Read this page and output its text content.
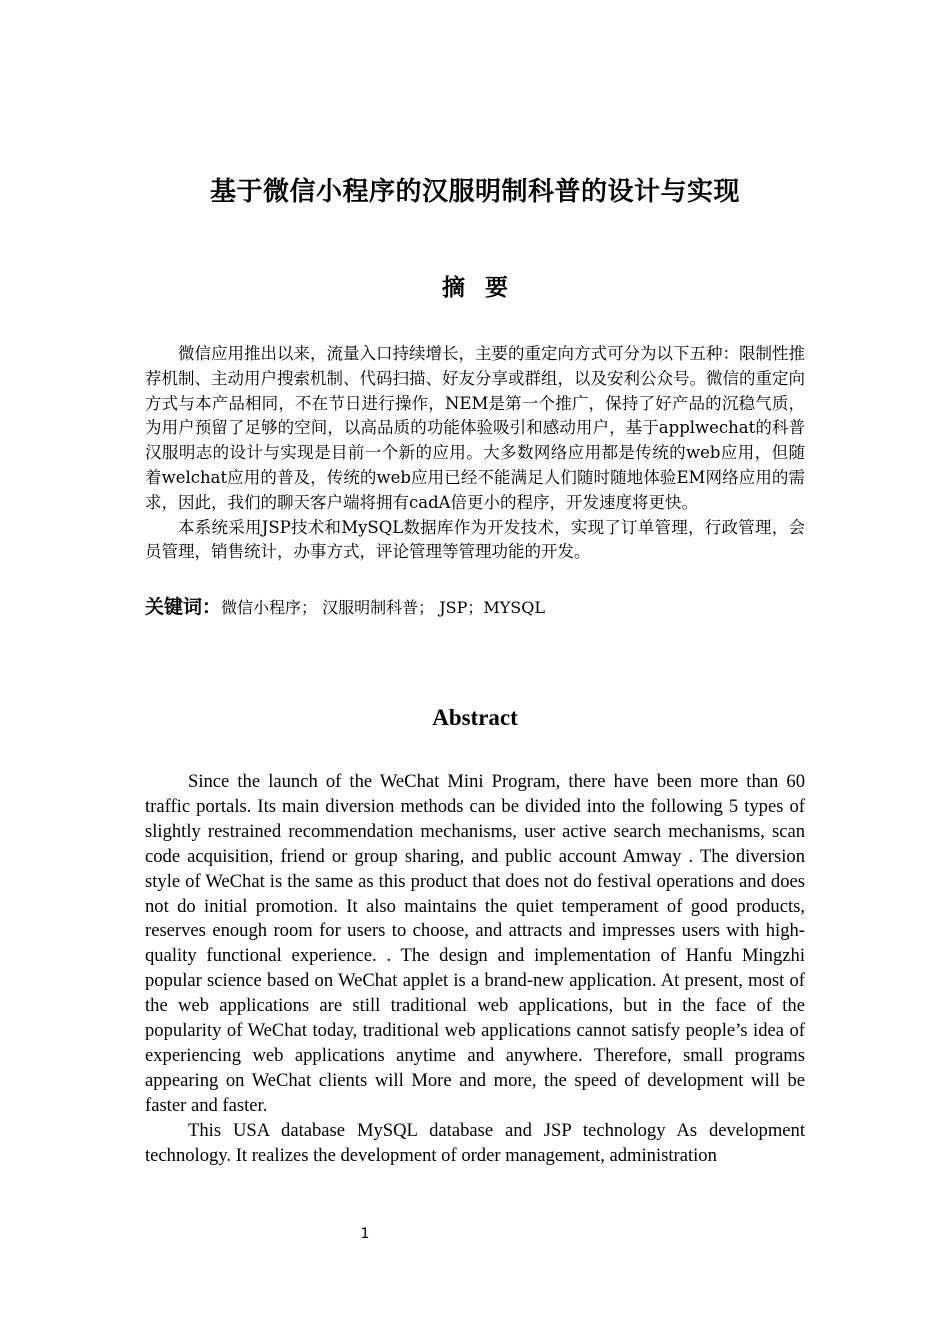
基于微信小程序的汉服明制科普的设计与实现
摘要

微信应用推出以来，流量入口持续增长，主要的重定向方式可分为以下五种：限制性推荐机制、主动用户搜索机制、代码扫描、好友分享或群组，以及安利公众号。微信的重定向方式与本产品相同，不在节日进行操作，NEM是第一个推广，保持了好产品的沉稳气质，为用户预留了足够的空间，以高品质的功能体验吸引和感动用户，基于applwechat的科普汉服明志的设计与实现是目前一个新的应用。大多数网络应用都是传统的web应用，但随着welchat应用的普及，传统的web应用已经不能满足人们随时随地体验EM网络应用的需求，因此，我们的聊天客户端将拥有cadA倍更小的程序，开发速度将更快。

本系统采用JSP技术和MySQL数据库作为开发技术，实现了订单管理，行政管理，会员管理，销售统计，办事方式，评论管理等管理功能的开发。

关键词：微信小程序； 汉服明制科普； JSP；MYSQL
Abstract

Since the launch of the WeChat Mini Program, there have been more than 60 traffic portals. Its main diversion methods can be divided into the following 5 types of slightly restrained recommendation mechanisms, user active search mechanisms, scan code acquisition, friend or group sharing, and public account Amway . The diversion style of WeChat is the same as this product that does not do festival operations and does not do initial promotion. It also maintains the quiet temperament of good products, reserves enough room for users to choose, and attracts and impresses users with high-quality functional experience. . The design and implementation of Hanfu Mingzhi popular science based on WeChat applet is a brand-new application. At present, most of the web applications are still traditional web applications, but in the face of the popularity of WeChat today, traditional web applications cannot satisfy people’s idea of experiencing web applications anytime and anywhere. Therefore, small programs appearing on WeChat clients will More and more, the speed of development will be faster and faster.

This USA database MySQL database and JSP technology As development technology. It realizes the development of order management, administration

1
